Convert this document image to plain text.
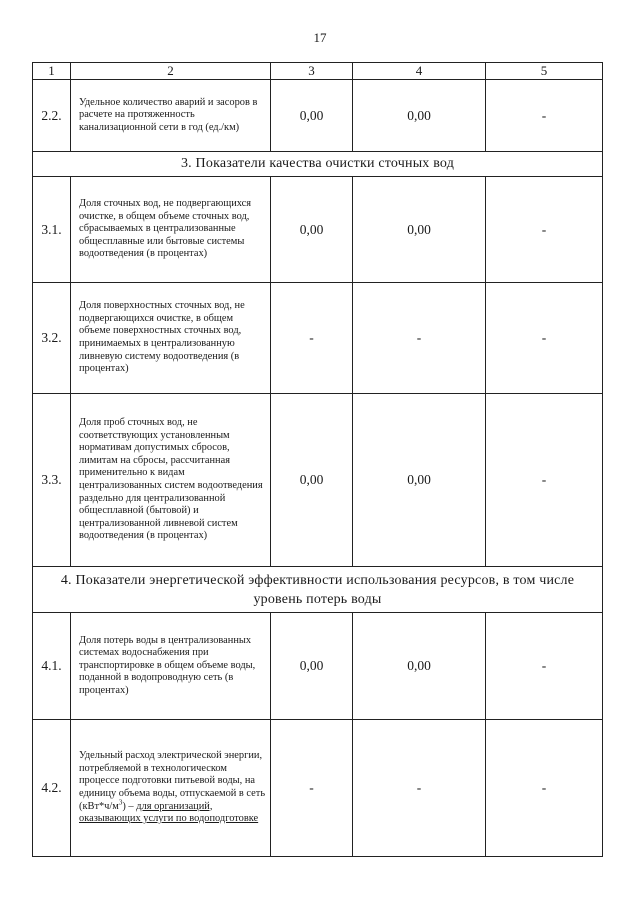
17
1	2	3	4	5
2.2.	Удельное количество аварий и засоров в расчете на протяженность канализационной сети в год (ед./км)	0,00	0,00	-
3. Показатели качества очистки сточных вод				
3.1.	Доля сточных вод, не подвергающихся очистке, в общем объеме сточных вод, сбрасываемых в централизованные общесплавные или бытовые системы водоотведения (в процентах)	0,00	0,00	-
3.2.	Доля поверхностных сточных вод, не подвергающихся очистке, в общем объеме поверхностных сточных вод, принимаемых в централизованную ливневую систему водоотведения (в процентах)	-	-	-
3.3.	Доля проб сточных вод, не соответствующих установленным нормативам допустимых сбросов, лимитам на сбросы, рассчитанная применительно к видам централизованных систем водоотведения раздельно для централизованной общесплавной (бытовой) и централизованной ливневой систем водоотведения (в процентах)	0,00	0,00	-
4. Показатели энергетической эффективности использования ресурсов, в том числе уровень потерь воды				
4.1.	Доля потерь воды в централизованных системах водоснабжения при транспортировке в общем объеме воды, поданной в водопроводную сеть (в процентах)	0,00	0,00	-
4.2.	Удельный расход электрической энергии, потребляемой в технологическом процессе подготовки питьевой воды, на единицу объема воды, отпускаемой в сеть $(кВт*ч/м^3)$ – для организаций, оказывающих услуги по водоподготовке	-	-	-
